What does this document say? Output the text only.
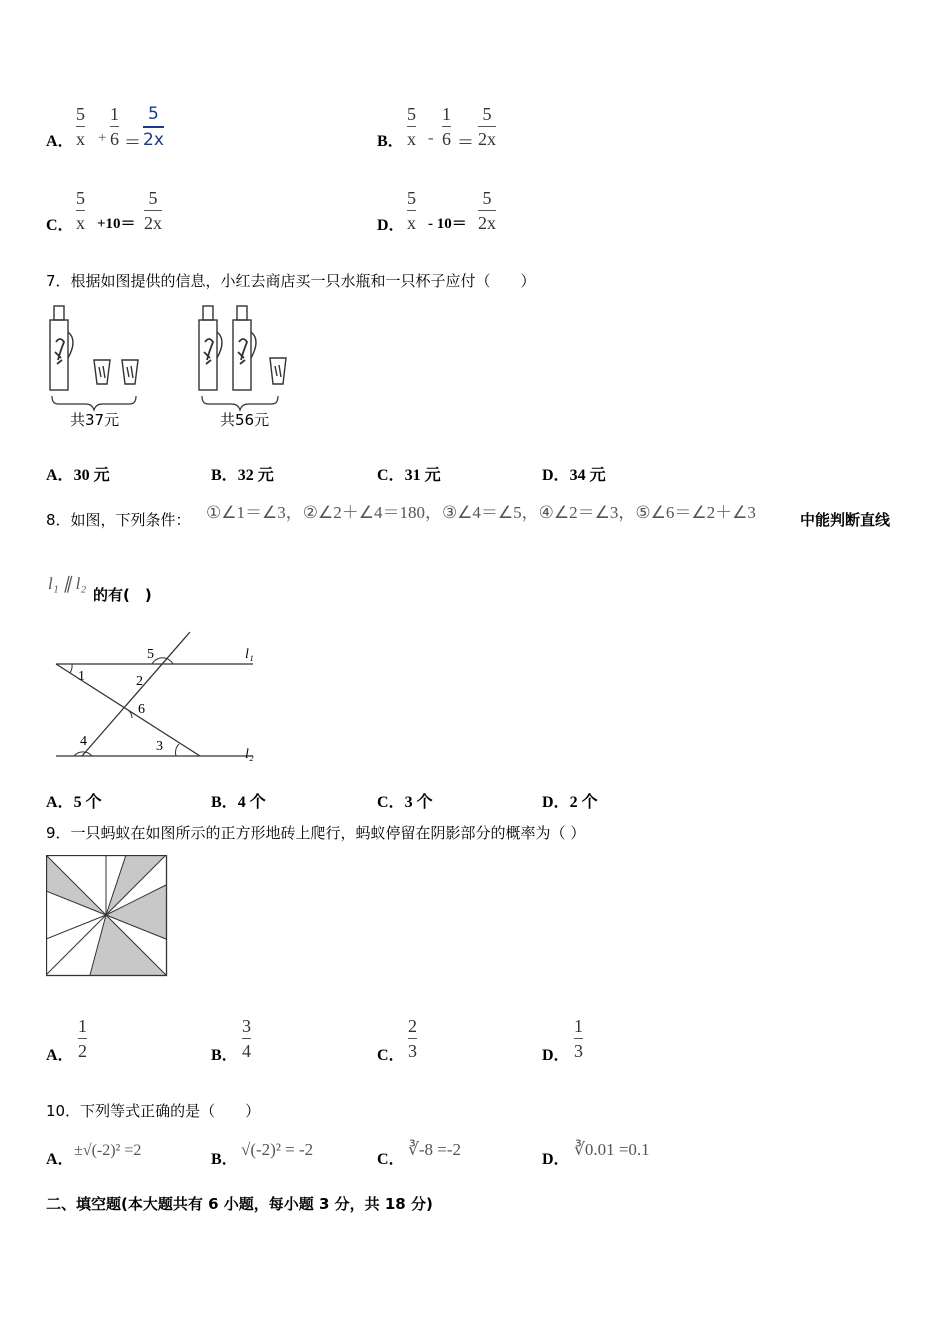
A．
5
x +
1
6 ＝
5
2x	B．
5
x -
1
6 ＝
5
2x
C．
5
x +10＝
5
2x	D．
5
x - 10＝
5
2x
7．根据如图提供的信息，小红去商店买一只水瓶和一只杯子应付（　　）
共37元	共56元
A．30 元	B．32 元	C．31 元	D．34 元
8．如图，下列条件： ①∠1＝∠3，②∠2＋∠4＝180，③∠4＝∠5，④∠2＝∠3，⑤∠6＝∠2＋∠3	中能判断直线
l₁ ∥ l₂
的有(　)
1	2
3
4
5
6
l₁
l₂
A．5 个	B．4 个	C．3 个	D．2 个
9．一只蚂蚁在如图所示的正方形地砖上爬行，蚂蚁停留在阴影部分的概率为（ ）
A．
1
2	B．
3
4	C．
2
3	D．
1
3
10．下列等式正确的是（　　）
A．
±√(-2)² =2
B．
√(-2)² = -2
C．
∛-8 =-2
D．
∛0.01 =0.1
二、填空题(本大题共有 6 小题，每小题 3 分，共 18 分)
